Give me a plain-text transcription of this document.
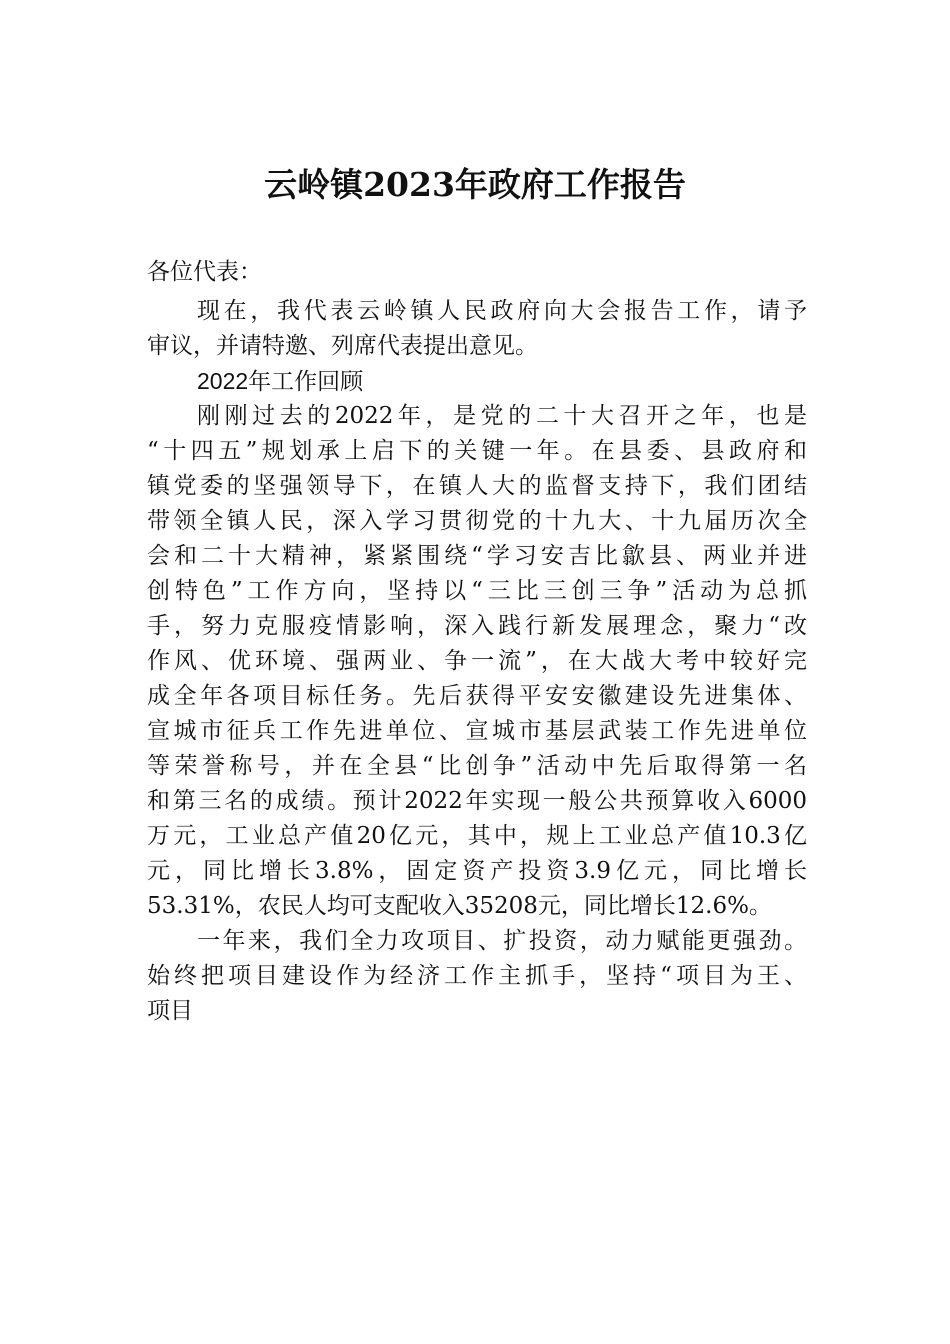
云岭镇2023年政府工作报告
各位代表：
现在，我代表云岭镇人民政府向大会报告工作，请予
审议，并请特邀、列席代表提出意见。
2022年工作回顾
刚刚过去的2022年，是党的二十大召开之年，也是
“十四五”规划承上启下的关键一年。在县委、县政府和
镇党委的坚强领导下，在镇人大的监督支持下，我们团结
带领全镇人民，深入学习贯彻党的十九大、十九届历次全
会和二十大精神，紧紧围绕“学习安吉比歙县、两业并进
创特色”工作方向，坚持以“三比三创三争”活动为总抓
手，努力克服疫情影响，深入践行新发展理念，聚力“改
作风、优环境、强两业、争一流”，在大战大考中较好完
成全年各项目标任务。先后获得平安安徽建设先进集体、
宣城市征兵工作先进单位、宣城市基层武装工作先进单位
等荣誉称号，并在全县“比创争”活动中先后取得第一名
和第三名的成绩。预计2022年实现一般公共预算收入6000
万元，工业总产值20亿元，其中，规上工业总产值10.3亿
元，同比增长3.8%，固定资产投资3.9亿元，同比增长
53.31%，农民人均可支配收入35208元，同比增长12.6%。
一年来，我们全力攻项目、扩投资，动力赋能更强劲。
始终把项目建设作为经济工作主抓手，坚持“项目为王、
项目
